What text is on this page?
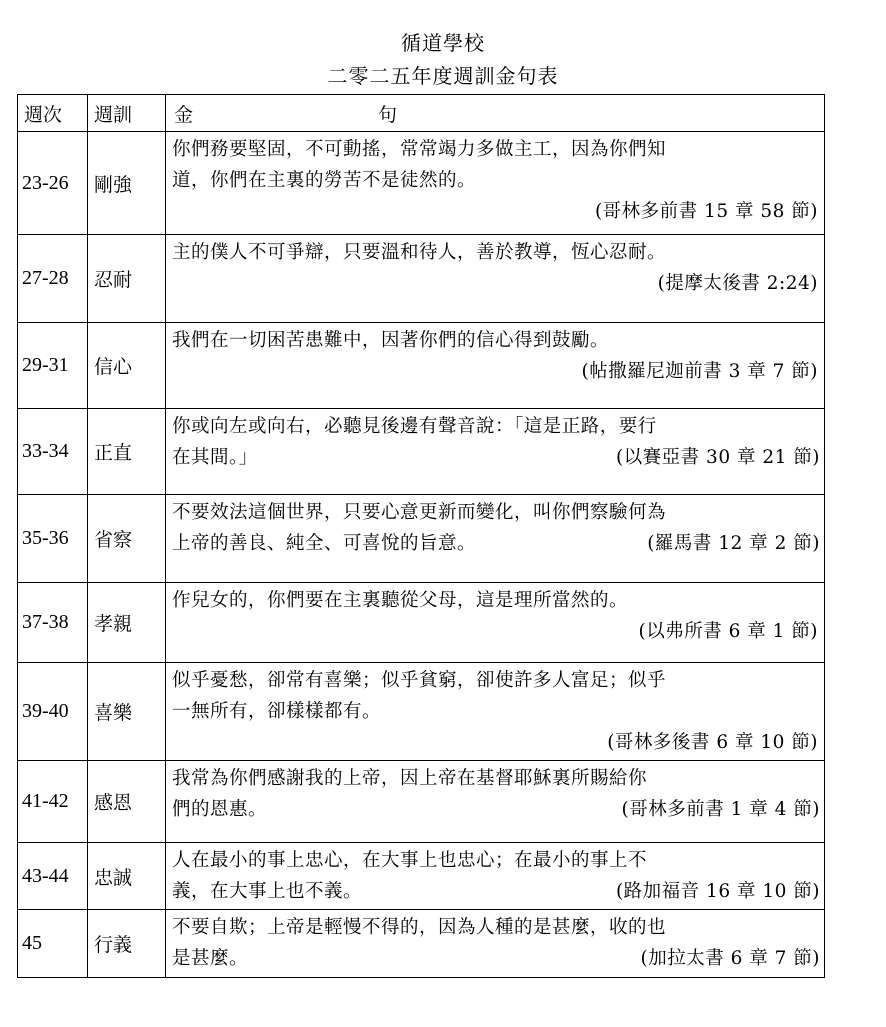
循道學校
二零二五年度週訓金句表
週次	週訓	金 句
23-26	剛強	你們務要堅固，不可動搖，常常竭力多做主工，因為你們知
道，你們在主裏的勞苦不是徒然的。
(哥林多前書 15 章 58 節)

27-28	忍耐	主的僕人不可爭辯，只要溫和待人，善於教導，恆心忍耐。
(提摩太後書 2:24)

29-31	信心	我們在一切困苦患難中，因著你們的信心得到鼓勵。
(帖撒羅尼迦前書 3 章 7 節)

33-34	正直	你或向左或向右，必聽見後邊有聲音說：「這是正路，要行
在其間。」 (以賽亞書 30 章 21 節)

35-36	省察	不要效法這個世界，只要心意更新而變化，叫你們察驗何為
上帝的善良、純全、可喜悅的旨意。 (羅馬書 12 章 2 節)

37-38	孝親	作兒女的，你們要在主裏聽從父母，這是理所當然的。
(以弗所書 6 章 1 節)

39-40	喜樂	似乎憂愁，卻常有喜樂；似乎貧窮，卻使許多人富足；似乎
一無所有，卻樣樣都有。
(哥林多後書 6 章 10 節)

41-42	感恩	我常為你們感謝我的上帝，因上帝在基督耶穌裏所賜給你
們的恩惠。 (哥林多前書 1 章 4 節)

43-44	忠誠	人在最小的事上忠心，在大事上也忠心；在最小的事上不
義，在大事上也不義。 (路加福音 16 章 10 節)

45	行義	不要自欺；上帝是輕慢不得的，因為人種的是甚麼，收的也
是甚麼。 (加拉太書 6 章 7 節)
